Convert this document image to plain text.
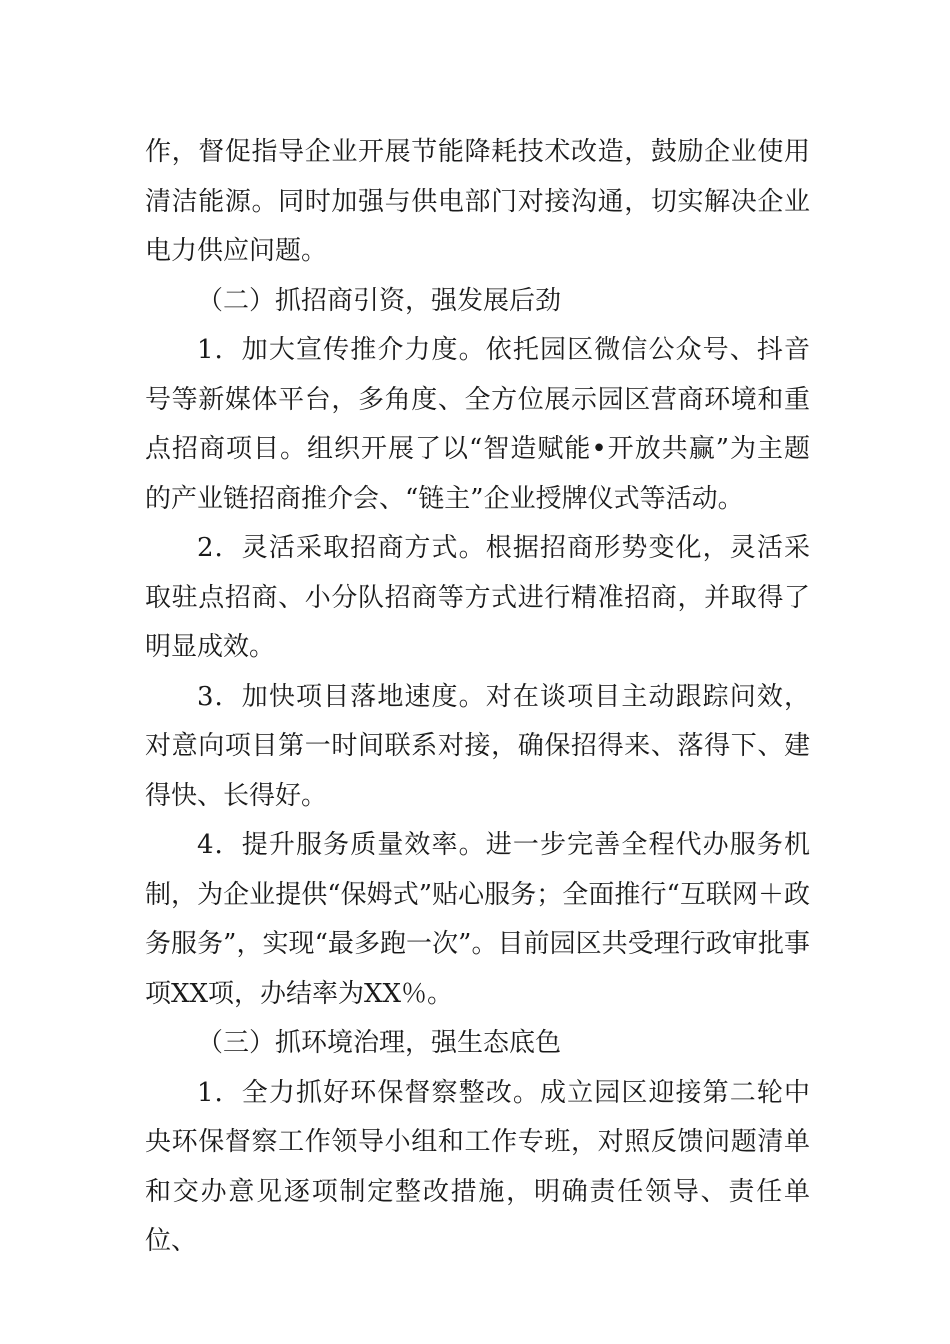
作，督促指导企业开展节能降耗技术改造，鼓励企业使用清洁能源。同时加强与供电部门对接沟通，切实解决企业电力供应问题。

（二）抓招商引资，强发展后劲

1．加大宣传推介力度。依托园区微信公众号、抖音号等新媒体平台，多角度、全方位展示园区营商环境和重点招商项目。组织开展了以“智造赋能•开放共赢”为主题的产业链招商推介会、“链主”企业授牌仪式等活动。

2．灵活采取招商方式。根据招商形势变化，灵活采取驻点招商、小分队招商等方式进行精准招商，并取得了明显成效。

3．加快项目落地速度。对在谈项目主动跟踪问效，对意向项目第一时间联系对接，确保招得来、落得下、建得快、长得好。

4．提升服务质量效率。进一步完善全程代办服务机制，为企业提供“保姆式”贴心服务；全面推行“互联网＋政务服务”，实现“最多跑一次”。目前园区共受理行政审批事项XX项，办结率为XX％。

（三）抓环境治理，强生态底色

1．全力抓好环保督察整改。成立园区迎接第二轮中央环保督察工作领导小组和工作专班，对照反馈问题清单和交办意见逐项制定整改措施，明确责任领导、责任单位、
